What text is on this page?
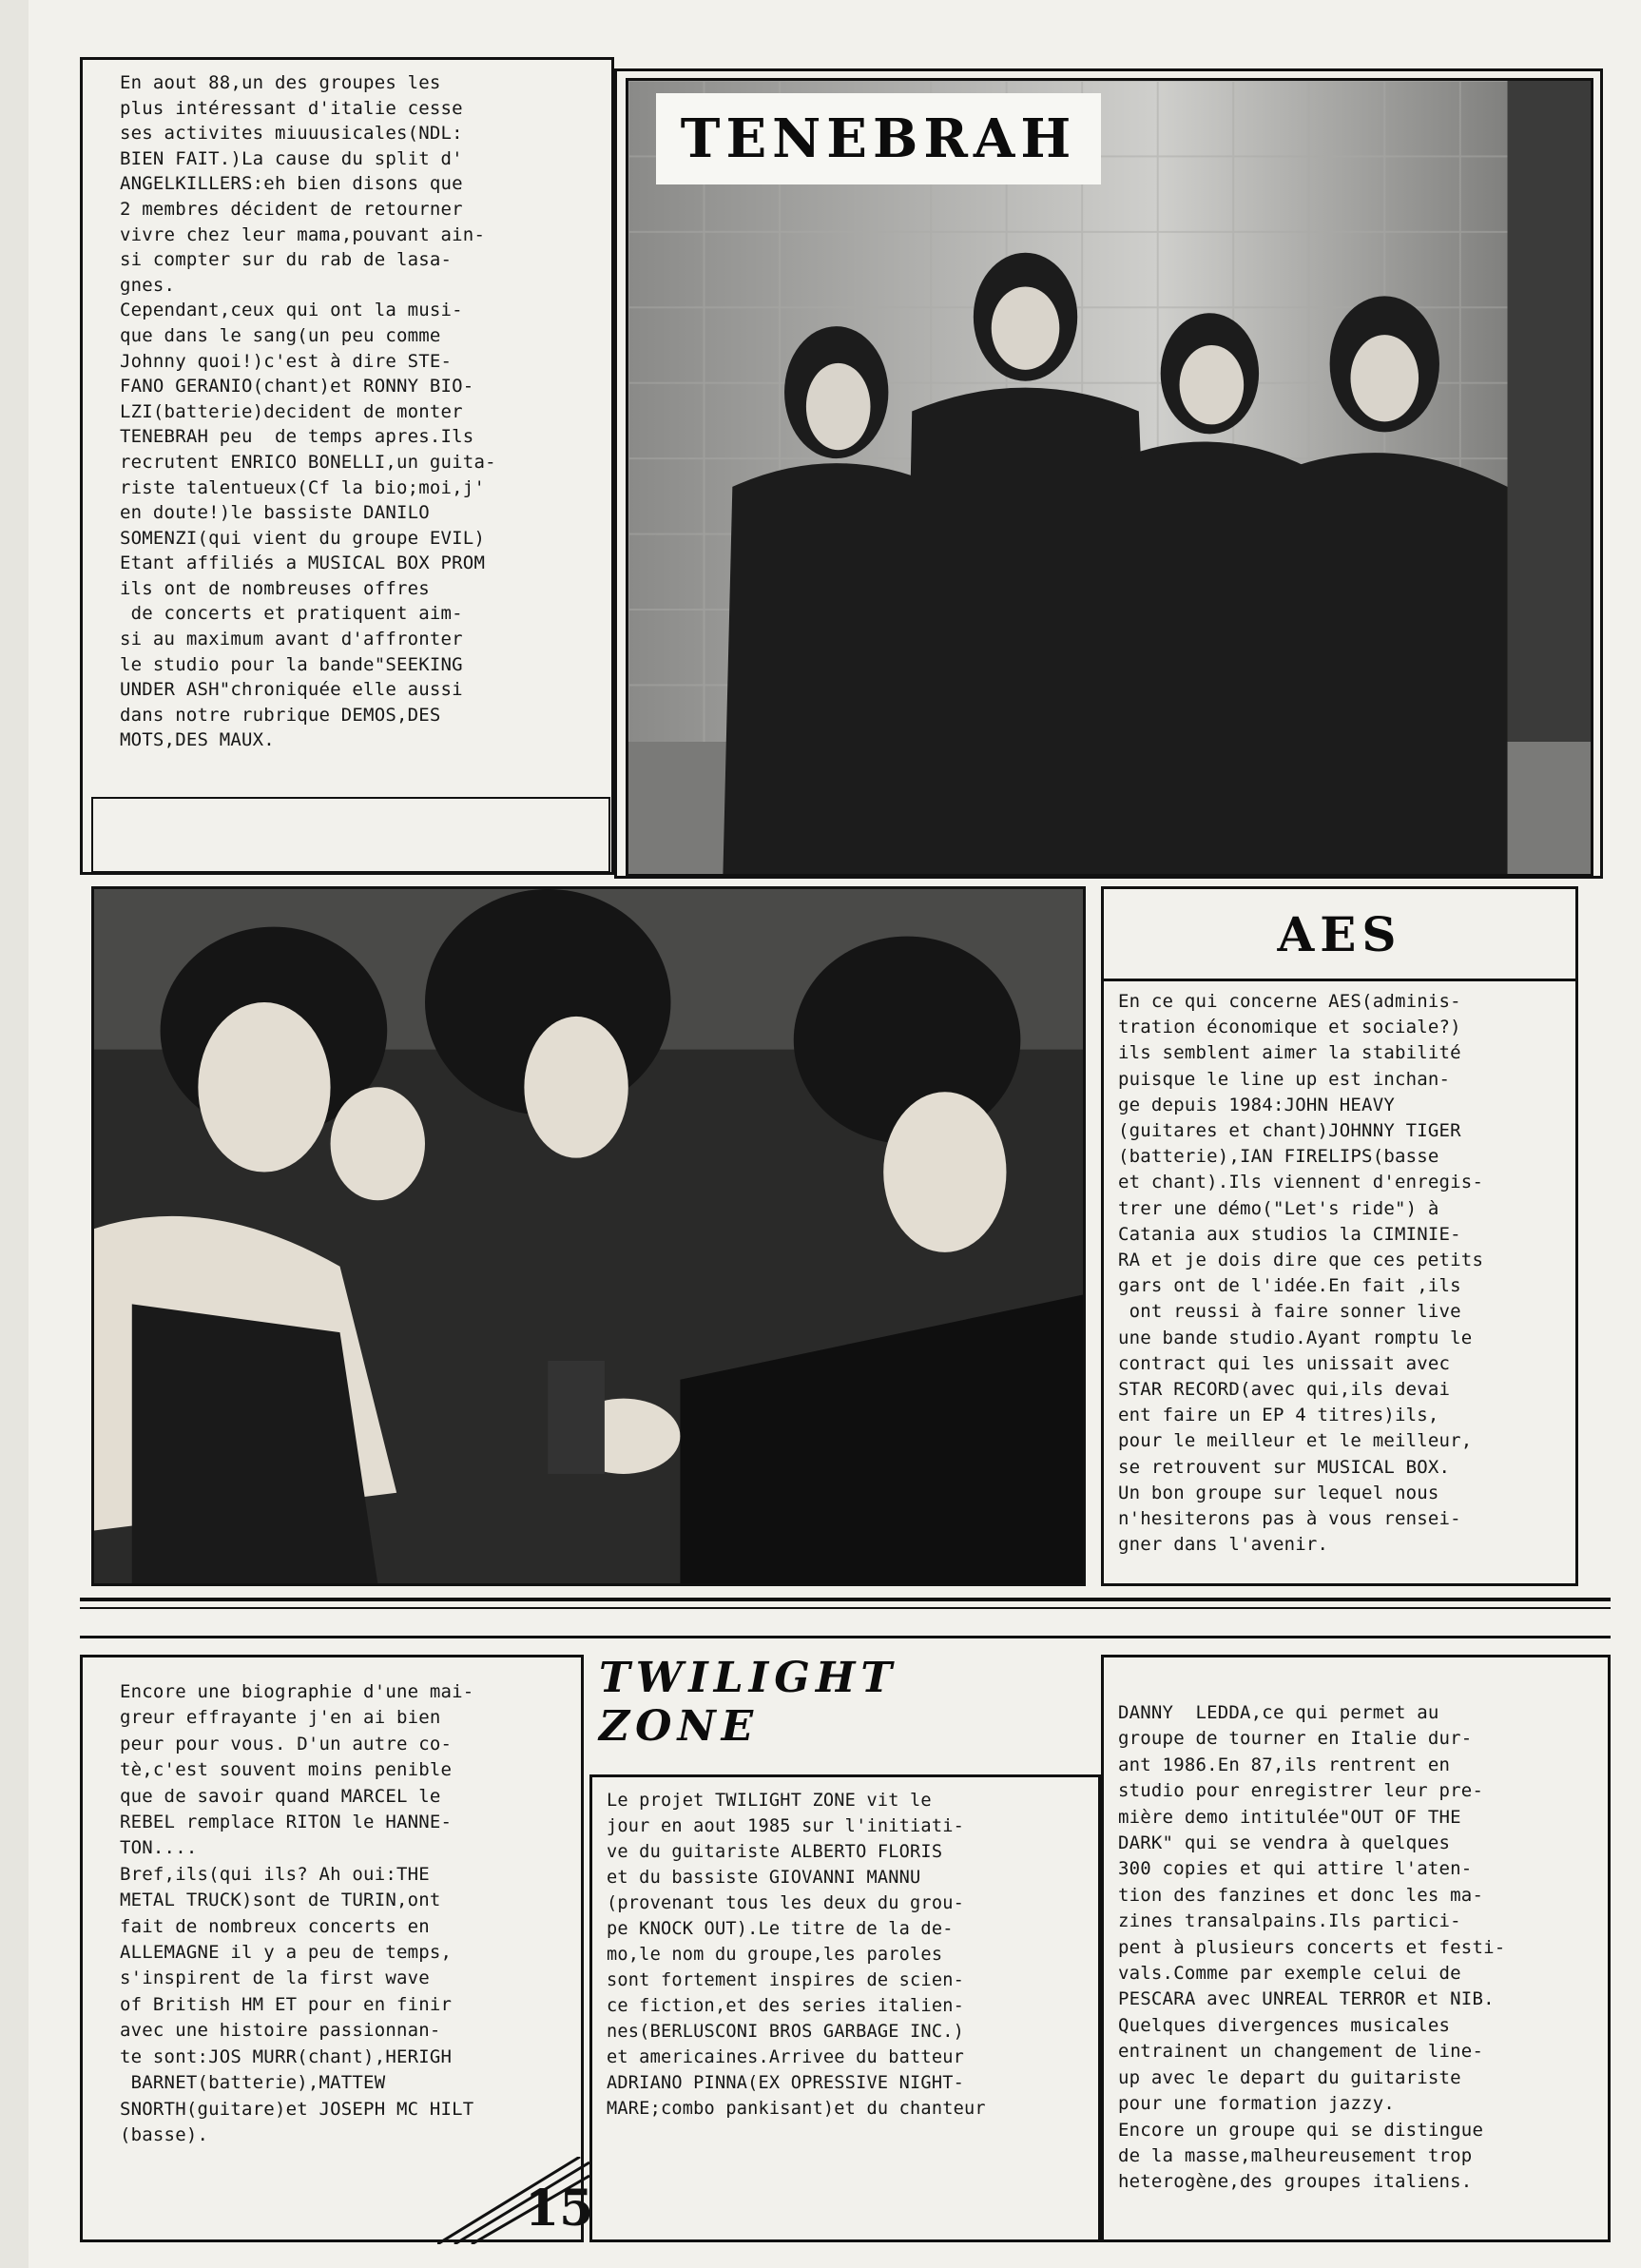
En aout 88,un des groupes les
plus intéressant d'italie cesse
ses activites miuuusicales(NDL:
BIEN FAIT.)La cause du split d'
ANGELKILLERS:eh bien disons que
2 membres décident de retourner
vivre chez leur mama,pouvant ain-
si compter sur du rab de lasa-
gnes.
Cependant,ceux qui ont la musi-
que dans le sang(un peu comme
Johnny quoi!)c'est à dire STE-
FANO GERANIO(chant)et RONNY BIO-
LZI(batterie)decident de monter
TENEBRAH peu  de temps apres.Ils
recrutent ENRICO BONELLI,un guita-
riste talentueux(Cf la bio;moi,j'
en doute!)le bassiste DANILO
SOMENZI(qui vient du groupe EVIL)
Etant affiliés a MUSICAL BOX PROM
ils ont de nombreuses offres
de concerts et pratiquent aim-
si au maximum avant d'affronter
le studio pour la bande"SEEKING
UNDER ASH"chroniquée elle aussi
dans notre rubrique DEMOS,DES
MOTS,DES MAUX.
TENEBRAH
AES
En ce qui concerne AES(adminis-
tration économique et sociale?)
ils semblent aimer la stabilité
puisque le line up est inchan-
ge depuis 1984:JOHN HEAVY
(guitares et chant)JOHNNY TIGER
(batterie),IAN FIRELIPS(basse
et chant).Ils viennent d'enregis-
trer une démo("Let's ride") à
Catania aux studios la CIMINIE-
RA et je dois dire que ces petits
gars ont de l'idée.En fait ,ils
ont reussi à faire sonner live
une bande studio.Ayant romptu le
contract qui les unissait avec
STAR RECORD(avec qui,ils devai
ent faire un EP 4 titres)ils,
pour le meilleur et le meilleur,
se retrouvent sur MUSICAL BOX.
Un bon groupe sur lequel nous
n'hesiterons pas à vous rensei-
gner dans l'avenir.
Encore une biographie d'une mai-
greur effrayante j'en ai bien
peur pour vous. D'un autre co-
tè,c'est souvent moins penible
que de savoir quand MARCEL le
REBEL remplace RITON le HANNE-
TON....
Bref,ils(qui ils? Ah oui:THE
METAL TRUCK)sont de TURIN,ont
fait de nombreux concerts en
ALLEMAGNE il y a peu de temps,
s'inspirent de la first wave
of British HM ET pour en finir
avec une histoire passionnan-
te sont:JOS MURR(chant),HERIGH
BARNET(batterie),MATTEW
SNORTH(guitare)et JOSEPH MC HILT
(basse).
15
TWILIGHT ZONE
Le projet TWILIGHT ZONE vit le
jour en aout 1985 sur l'initiati-
ve du guitariste ALBERTO FLORIS
et du bassiste GIOVANNI MANNU
(provenant tous les deux du grou-
pe KNOCK OUT).Le titre de la de-
mo,le nom du groupe,les paroles
sont fortement inspires de scien-
ce fiction,et des series italien-
nes(BERLUSCONI BROS GARBAGE INC.)
et americaines.Arrivee du batteur
ADRIANO PINNA(EX OPRESSIVE NIGHT-
MARE;combo pankisant)et du chanteur
DANNY  LEDDA,ce qui permet au
groupe de tourner en Italie dur-
ant 1986.En 87,ils rentrent en
studio pour enregistrer leur pre-
mière demo intitulée"OUT OF THE
DARK" qui se vendra à quelques
300 copies et qui attire l'aten-
tion des fanzines et donc les ma-
zines transalpains.Ils partici-
pent à plusieurs concerts et festi-
vals.Comme par exemple celui de
PESCARA avec UNREAL TERROR et NIB.
Quelques divergences musicales
entrainent un changement de line-
up avec le depart du guitariste
pour une formation jazzy.
Encore un groupe qui se distingue
de la masse,malheureusement trop
heterogène,des groupes italiens.
